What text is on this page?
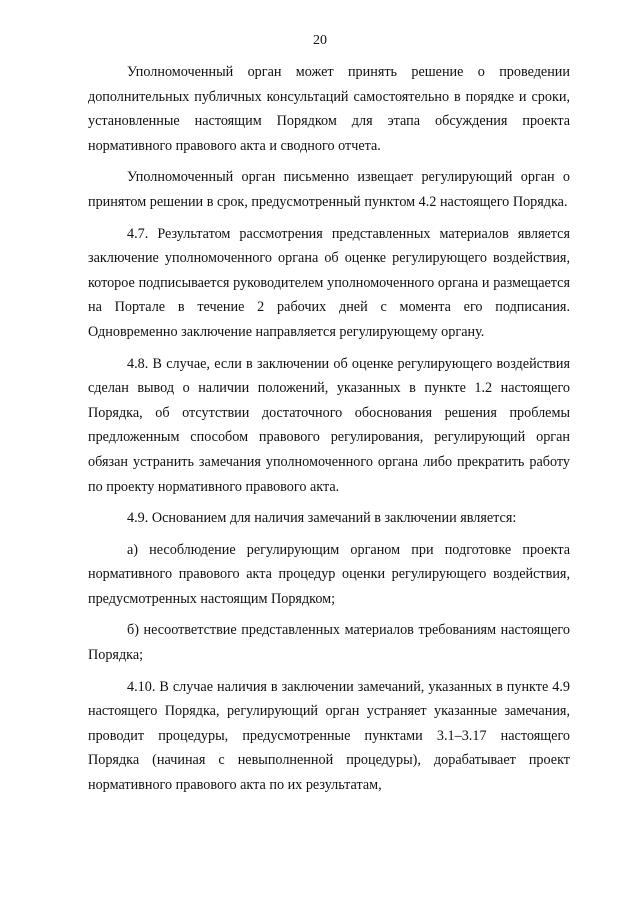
20

Уполномоченный орган может принять решение о проведении дополнительных публичных консультаций самостоятельно в порядке и сроки, установленные настоящим Порядком для этапа обсуждения проекта нормативного правового акта и сводного отчета.

Уполномоченный орган письменно извещает регулирующий орган о принятом решении в срок, предусмотренный пунктом 4.2 настоящего Порядка.

4.7. Результатом рассмотрения представленных материалов является заключение уполномоченного органа об оценке регулирующего воздействия, которое подписывается руководителем уполномоченного органа и размещается на Портале в течение 2 рабочих дней с момента его подписания. Одновременно заключение направляется регулирующему органу.

4.8. В случае, если в заключении об оценке регулирующего воздействия сделан вывод о наличии положений, указанных в пункте 1.2 настоящего Порядка, об отсутствии достаточного обоснования решения проблемы предложенным способом правового регулирования, регулирующий орган обязан устранить замечания уполномоченного органа либо прекратить работу по проекту нормативного правового акта.

4.9. Основанием для наличия замечаний в заключении является:

а) несоблюдение регулирующим органом при подготовке проекта нормативного правового акта процедур оценки регулирующего воздействия, предусмотренных настоящим Порядком;

б) несоответствие представленных материалов требованиям настоящего Порядка;

4.10. В случае наличия в заключении замечаний, указанных в пункте 4.9 настоящего Порядка, регулирующий орган устраняет указанные замечания, проводит процедуры, предусмотренные пунктами 3.1–3.17 настоящего Порядка (начиная с невыполненной процедуры), дорабатывает проект нормативного правового акта по их результатам,
